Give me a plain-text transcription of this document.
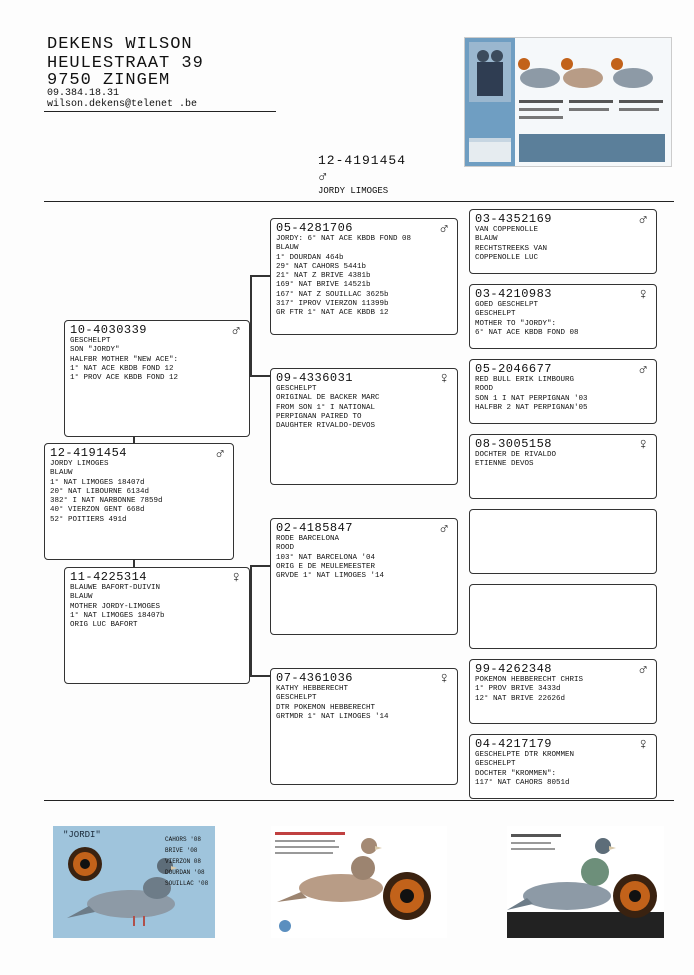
DEKENS WILSON
HEULESTRAAT 39
9750 ZINGEM
09.384.18.31
wilson.dekens@telenet .be
12-4191454
♂
JORDY LIMOGES
12-4191454	♂
JORDY LIMOGES
BLAUW
1° NAT LIMOGES 18407d
20° NAT LIBOURNE 6134d
382° I NAT NARBONNE 7859d
40° VIERZON GENT 668d
52° POITIERS 491d
10-4030339	♂
GESCHELPT
SON "JORDY"
HALFBR MOTHER "NEW ACE":
1° NAT ACE KBDB FOND 12
1° PROV ACE KBDB FOND 12
11-4225314	♀
BLAUWE BAFORT-DUIVIN
BLAUW
MOTHER JORDY-LIMOGES
1° NAT LIMOGES 18407b
ORIG LUC BAFORT
05-4281706	♂
JORDY: 6° NAT ACE KBDB FOND 08
BLAUW
1° DOURDAN 464b
29° NAT CAHORS 5441b
21° NAT Z BRIVE 4381b
169° NAT BRIVE 14521b
167° NAT Z SOUILLAC 3625b
317° IPROV VIERZON 11399b
GR FTR 1° NAT ACE KBDB 12
09-4336031	♀
GESCHELPT
ORIGINAL DE BACKER MARC
FROM SON 1° I NATIONAL
PERPIGNAN PAIRED TO
DAUGHTER RIVALDO-DEVOS
02-4185847	♂
RODE BARCELONA
ROOD
103° NAT BARCELONA '04
ORIG E DE MEULEMEESTER
GRVDE 1° NAT LIMOGES '14
07-4361036	♀
KATHY HEBBERECHT
GESCHELPT
DTR POKEMON HEBBERECHT
GRTMDR 1° NAT LIMOGES '14
03-4352169	♂
VAN COPPENOLLE
BLAUW
RECHTSTREEKS VAN
COPPENOLLE LUC
03-4210983	♀
GOED GESCHELPT
GESCHELPT
MOTHER TO "JORDY":
6° NAT ACE KBDB FOND 08
05-2046677	♂
RED BULL ERIK LIMBOURG
ROOD
SON 1 I NAT PERPIGNAN '03
HALFBR 2 NAT PERPIGNAN'05
08-3005158	♀
DOCHTER DE RIVALDO
ETIENNE DEVOS
99-4262348	♂
POKEMON HEBBERECHT CHRIS
1° PROV BRIVE 3433d
12° NAT BRIVE 22626d
04-4217179	♀
GESCHELPTE DTR KROMMEN
GESCHELPT
DOCHTER "KROMMEN":
117° NAT CAHORS 8051d
"JORDI"	CAHORS '08
BRIVE '08
VIERZON 08
DOURDAN '08
SOUILLAC '08
